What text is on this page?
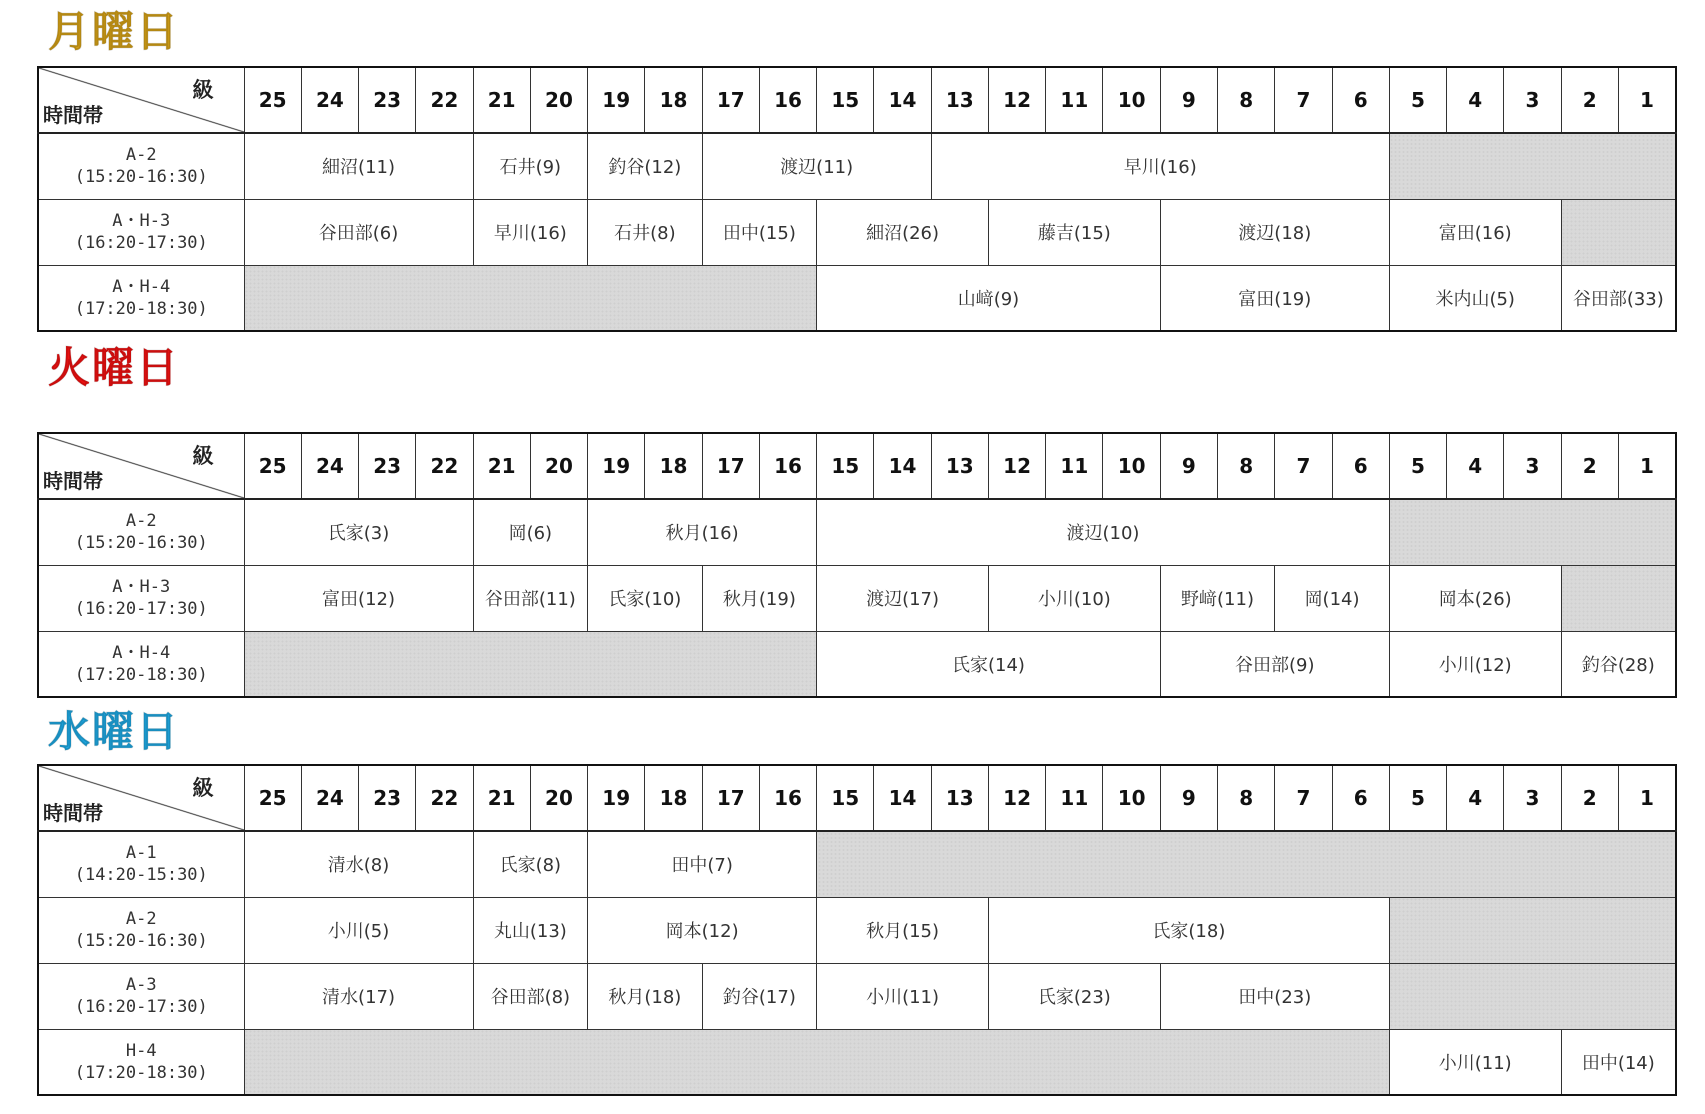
月曜日
級
時間帯	25	24	23	22	21	20	19	18	17	16	15	14	13	12	11	10	9	8	7	6	5	4	3	2	1

A-2
(15:20-16:30)	細沼(11)				石井(9)		釣谷(12)		渡辺(11)				早川(16)												

A・H-3
(16:20-17:30)	谷田部(6)				早川(16)		石井(8)		田中(15)		細沼(26)			藤吉(15)			渡辺(18)				富田(16)				

A・H-4
(17:20-18:30)											山﨑(9)						富田(19)				米内山(5)			谷田部(33)	
火曜日
級
時間帯	25	24	23	22	21	20	19	18	17	16	15	14	13	12	11	10	9	8	7	6	5	4	3	2	1

A-2
(15:20-16:30)	氏家(3)				岡(6)		秋月(16)				渡辺(10)														

A・H-3
(16:20-17:30)	富田(12)				谷田部(11)		氏家(10)		秋月(19)		渡辺(17)			小川(10)			野﨑(11)		岡(14)		岡本(26)				

A・H-4
(17:20-18:30)											氏家(14)						谷田部(9)				小川(12)			釣谷(28)	
水曜日
級
時間帯	25	24	23	22	21	20	19	18	17	16	15	14	13	12	11	10	9	8	7	6	5	4	3	2	1

A-1
(14:20-15:30)	清水(8)				氏家(8)		田中(7)																		

A-2
(15:20-16:30)	小川(5)				丸山(13)		岡本(12)				秋月(15)			氏家(18)											

A-3
(16:20-17:30)	清水(17)				谷田部(8)		秋月(18)		釣谷(17)		小川(11)			氏家(23)			田中(23)								

H-4
(17:20-18:30)																					小川(11)			田中(14)	
